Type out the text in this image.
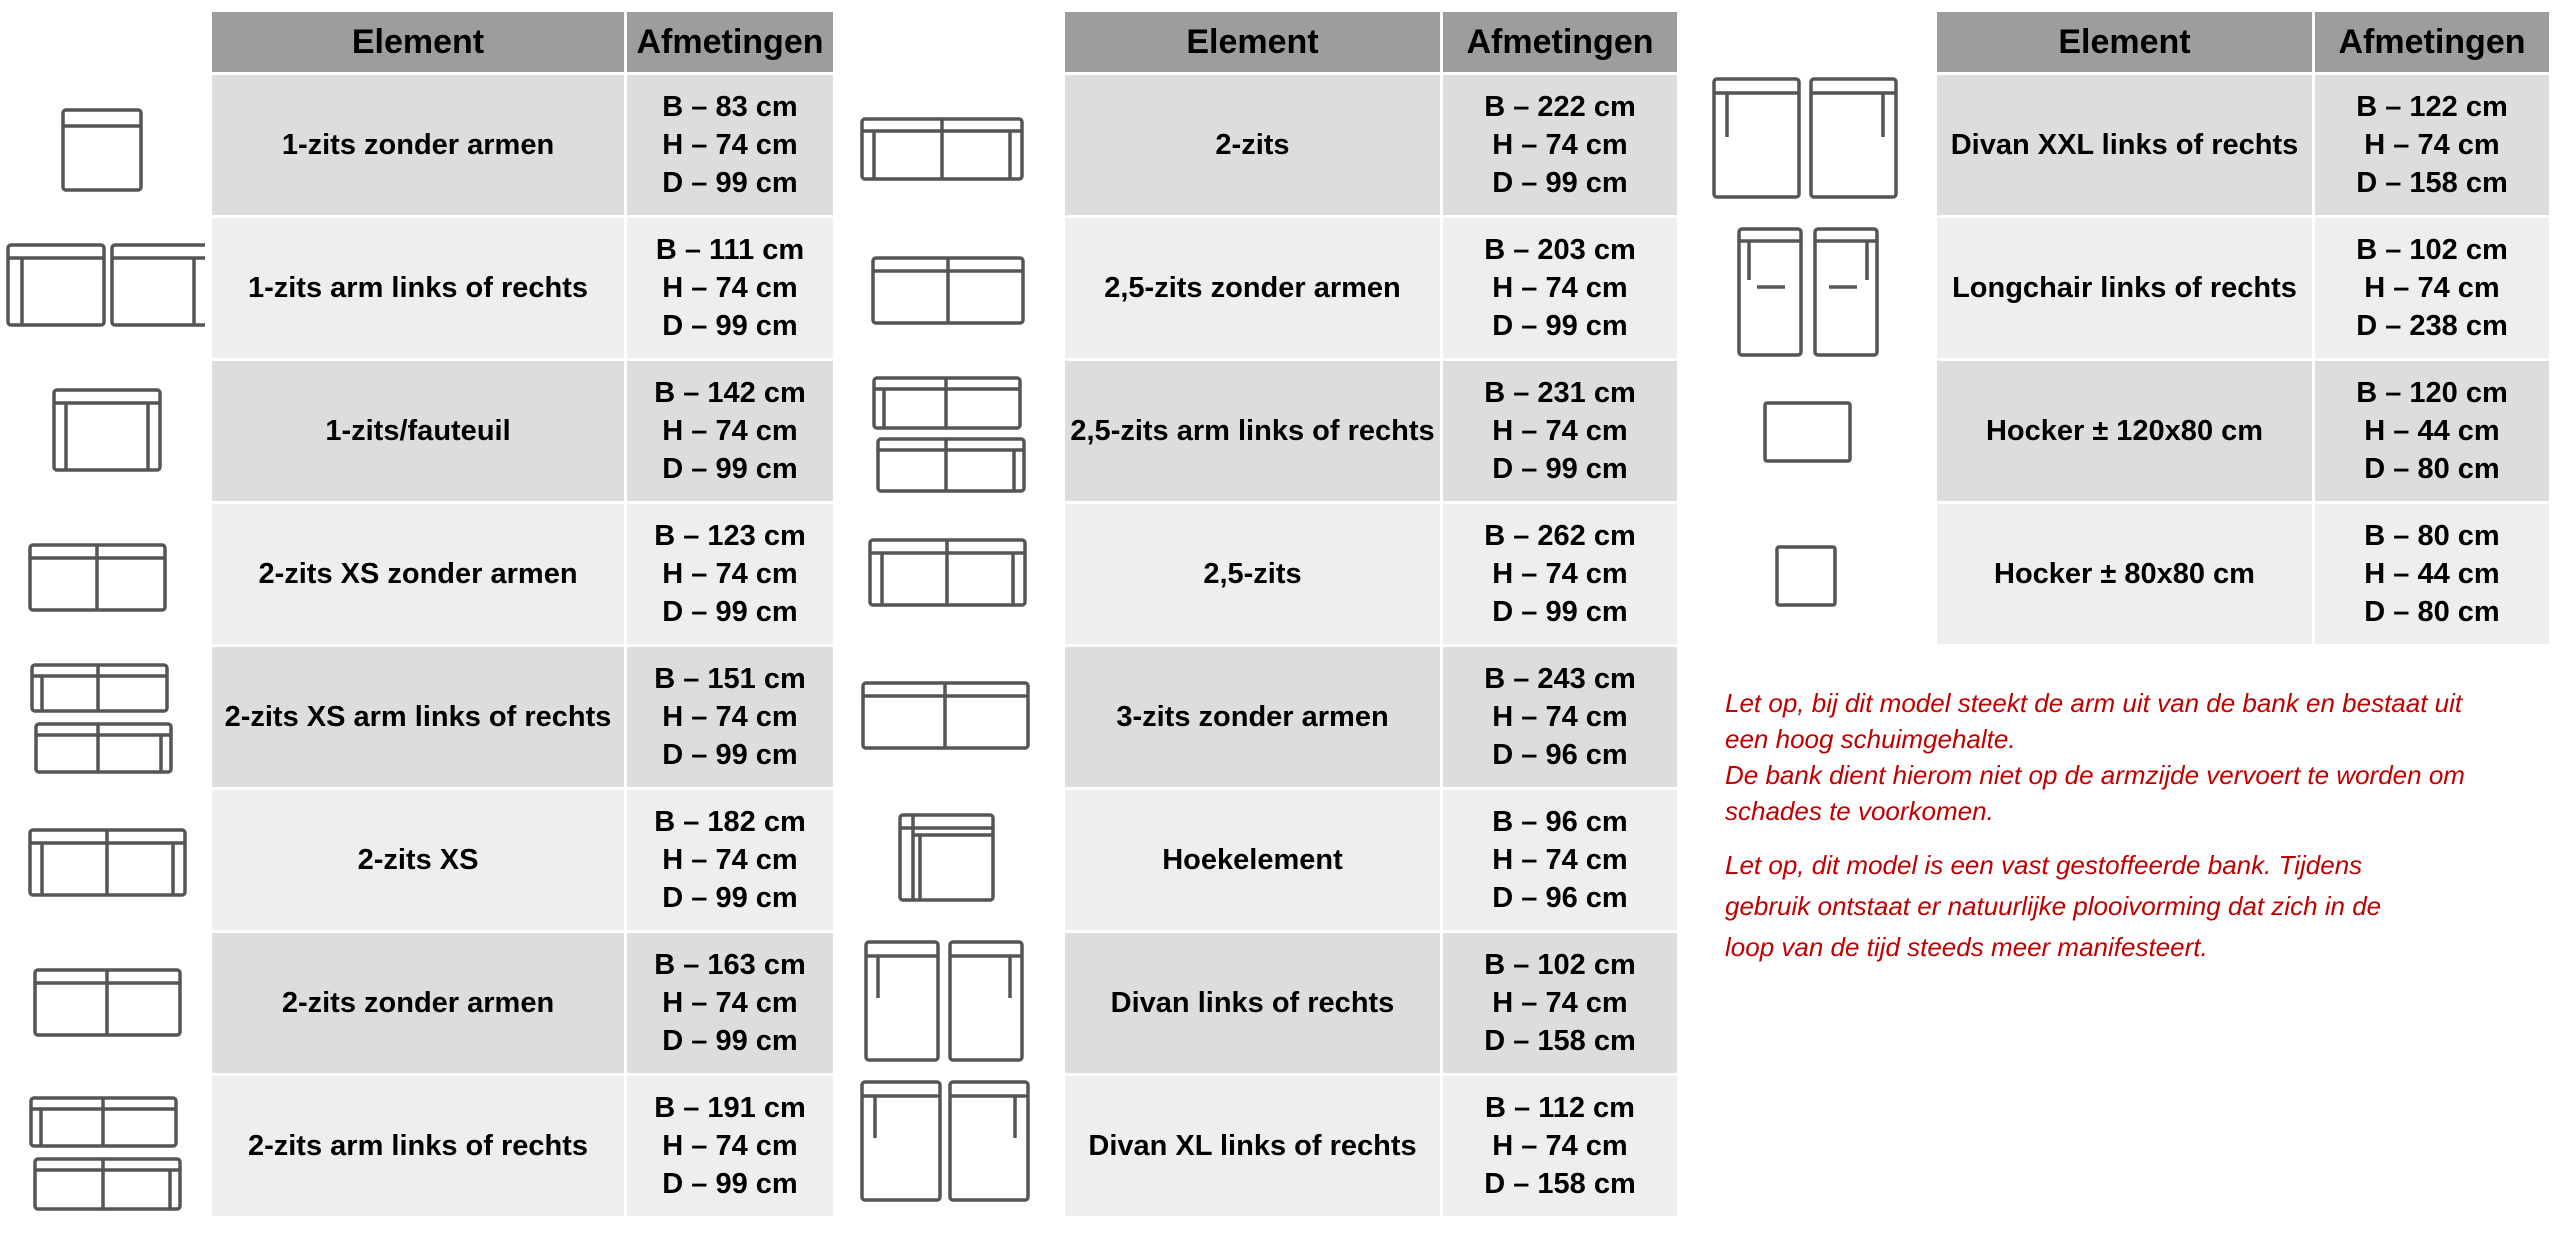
Element	Afmetingen
1-zits zonder armen	B – 83 cm
H – 74 cm
D – 99 cm

1-zits arm links of rechts	B – 111 cm
H – 74 cm
D – 99 cm

1-zits/fauteuil	B – 142 cm
H – 74 cm
D – 99 cm

2-zits XS zonder armen	B – 123 cm
H – 74 cm
D – 99 cm

2-zits XS arm links of rechts	B – 151 cm
H – 74 cm
D – 99 cm

2-zits XS	B – 182 cm
H – 74 cm
D – 99 cm

2-zits zonder armen	B – 163 cm
H – 74 cm
D – 99 cm

2-zits arm links of rechts	B – 191 cm
H – 74 cm
D – 99 cm
Element	Afmetingen
2-zits	B – 222 cm
H – 74 cm
D – 99 cm

2,5-zits zonder armen	B – 203 cm
H – 74 cm
D – 99 cm

2,5-zits arm links of rechts	B – 231 cm
H – 74 cm
D – 99 cm

2,5-zits	B – 262 cm
H – 74 cm
D – 99 cm

3-zits zonder armen	B – 243 cm
H – 74 cm
D – 96 cm

Hoekelement	B – 96 cm
H – 74 cm
D – 96 cm

Divan links of rechts	B – 102 cm
H – 74 cm
D – 158 cm

Divan XL links of rechts	B – 112 cm
H – 74 cm
D – 158 cm
Element	Afmetingen
Divan XXL links of rechts	B – 122 cm
H – 74 cm
D – 158 cm

Longchair links of rechts	B – 102 cm
H – 74 cm
D – 238 cm

Hocker ± 120x80 cm	B – 120 cm
H – 44 cm
D – 80 cm

Hocker ± 80x80 cm	B – 80 cm
H – 44 cm
D – 80 cm
Let op, bij dit model steekt de arm uit van de bank en bestaat uit
een hoog schuimgehalte.
De bank dient hierom niet op de armzijde vervoert te worden om
schades te voorkomen.
Let op, dit model is een vast gestoffeerde bank. Tijdens
gebruik ontstaat er natuurlijke plooivorming dat zich in de
loop van de tijd steeds meer manifesteert.
